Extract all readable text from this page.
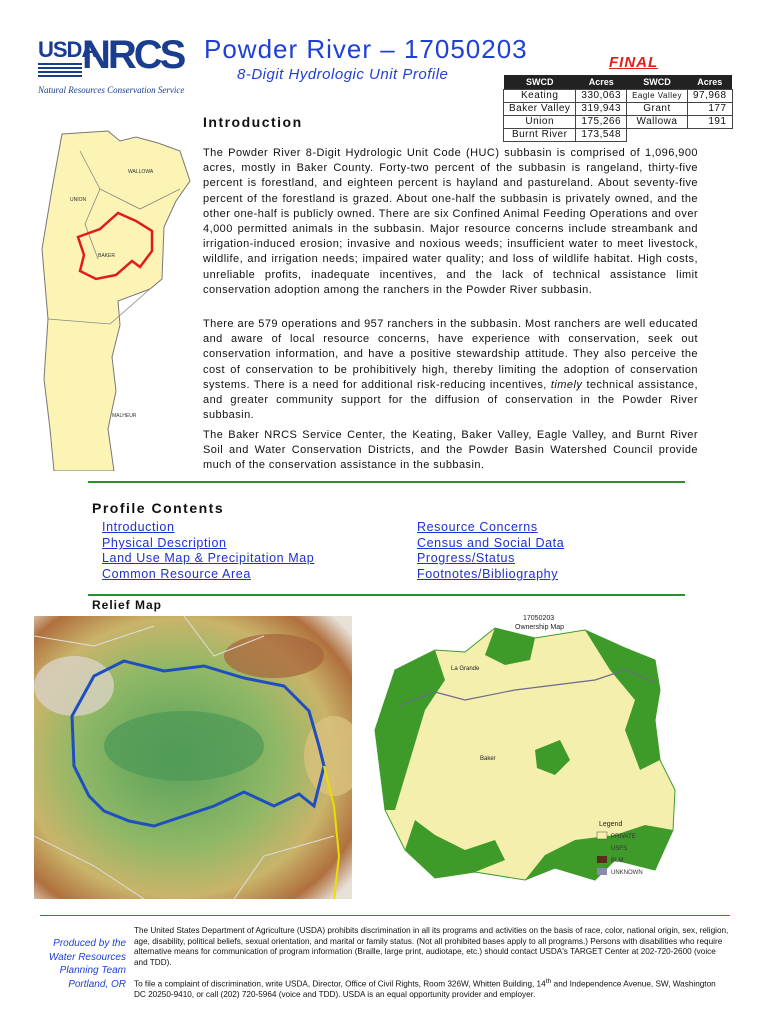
USDA
NRCS
Natural Resources Conservation Service
Powder River – 17050203
8-Digit Hydrologic Unit Profile
FINAL
SWCD	Acres	SWCD	Acres
Keating	330,063	Eagle Valley	97,968
Baker Valley	319,943	Grant	177
Union	175,266	Wallowa	191
Burnt River	173,548		
Introduction
WALLOWA
UNION
BAKER
MALHEUR
The Powder River 8-Digit Hydrologic Unit Code (HUC) subbasin is comprised of 1,096,900 acres, mostly in Baker County. Forty-two percent of the subbasin is rangeland, thirty-five percent is forestland, and eighteen percent is hayland and pastureland. About seventy-five percent of the forestland is grazed. About one-half the subbasin is privately owned, and the other one-half is publicly owned. There are six Confined Animal Feeding Operations and over 4,000 permitted animals in the subbasin. Major resource concerns include streambank and irrigation-induced erosion; invasive and noxious weeds; insufficient water to meet livestock, wildlife, and irrigation needs; impaired water quality; and loss of wildlife habitat. High costs, unreliable profits, inadequate incentives, and the lack of technical assistance limit conservation adoption among the ranchers in the Powder River subbasin.
There are 579 operations and 957 ranchers in the subbasin. Most ranchers are well educated and aware of local resource concerns, have experience with conservation, seek out conservation information, and have a positive stewardship attitude. They also perceive the cost of conservation to be prohibitively high, thereby limiting the adoption of conservation systems. There is a need for additional risk-reducing incentives, timely technical assistance, and greater community support for the diffusion of conservation in the Powder River subbasin.
The Baker NRCS Service Center, the Keating, Baker Valley, Eagle Valley, and Burnt River Soil and Water Conservation Districts, and the Powder Basin Watershed Council provide much of the conservation assistance in the subbasin.
Profile Contents
Introduction
Physical Description
Land Use Map & Precipitation Map
Common Resource Area
Resource Concerns
Census and Social Data
Progress/Status
Footnotes/Bibliography
Relief Map
17050203
Ownership Map
La Grande
Baker
Legend
PRIVATE
USFS
BLM
UNKNOWN
Produced by the Water Resources Planning Team Portland, OR
The United States Department of Agriculture (USDA) prohibits discrimination in all its programs and activities on the basis of race, color, national origin, sex, religion, age, disability, political beliefs, sexual orientation, and marital or family status. (Not all prohibited bases apply to all programs.) Persons with disabilities who require alternative means for communication of program information (Braille, large print, audiotape, etc.) should contact USDA's TARGET Center at 202-720-2600 (voice and TDD).
To file a complaint of discrimination, write USDA, Director, Office of Civil Rights, Room 326W, Whitten Building, 14th and Independence Avenue, SW, Washington DC 20250-9410, or call (202) 720-5964 (voice and TDD). USDA is an equal opportunity provider and employer.
